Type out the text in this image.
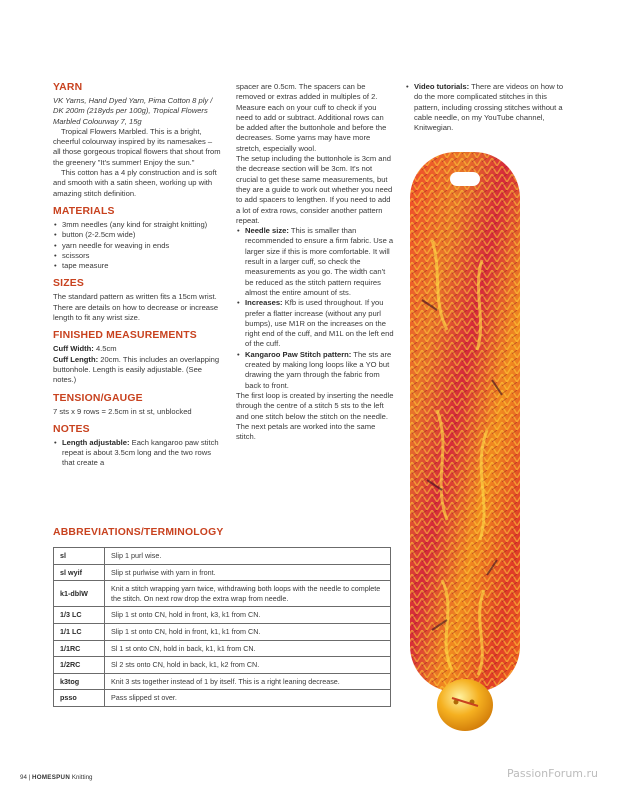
YARN

VK Yarns, Hand Dyed Yarn, Pima Cotton 8 ply / DK 200m (218yds per 100g), Tropical Flowers Marbled Colourway 7, 15g

Tropical Flowers Marbled. This is a bright, cheerful colourway inspired by its namesakes – all those gorgeous tropical flowers that shout from the greenery "It's summer! Enjoy the sun."

This cotton has a 4 ply construction and is soft and smooth with a satin sheen, working up with amazing stitch definition.

MATERIALS
• 3mm needles (any kind for straight knitting)
• button (2-2.5cm wide)
• yarn needle for weaving in ends
• scissors
• tape measure
SIZES

The standard pattern as written fits a 15cm wrist. There are details on how to decrease or increase length to fit any wrist size.

FINISHED MEASUREMENTS

Cuff Width: 4.5cm

Cuff Length: 20cm. This includes an overlapping buttonhole. Length is easily adjustable. (See notes.)

TENSION/GAUGE

7 sts x 9 rows = 2.5cm in st st, unblocked

NOTES
• Length adjustable: Each kangaroo paw stitch repeat is about 3.5cm long and the two rows that create a

spacer are 0.5cm. The spacers can be removed or extras added in multiples of 2. Measure each on your cuff to check if you need to add or subtract. Additional rows can be added after the buttonhole and before the decreases. Some yarns may have more stretch, especially wool.

The setup including the buttonhole is 3cm and the decrease section will be 3cm. It's not crucial to get these same measurements, but they are a guide to work out whether you need to add spacers to lengthen. If you need to add a lot of extra rows, consider another pattern repeat.

• Needle size: This is smaller than recommended to ensure a firm fabric. Use a larger size if this is more comfortable. It will result in a larger cuff, so check the measurements as you go. The width can't be reduced as the stitch pattern requires almost the entire amount of sts.
• Increases: Kfb is used throughout. If you prefer a flatter increase (without any purl bumps), use M1R on the increases on the right end of the cuff, and M1L on the left end of the cuff.
• Kangaroo Paw Stitch pattern: The sts are created by making long loops like a YO but drawing the yarn through the fabric from back to front.

The first loop is created by inserting the needle through the centre of a stitch 5 sts to the left and one stitch below the stitch on the needle. The next petals are worked into the same stitch.

• Video tutorials: There are videos on how to do the more complicated stitches in this pattern, including crossing stitches without a cable needle, on my YouTube channel, Knitwegian.
ABBREVIATIONS/TERMINOLOGY
sl	Slip 1 purl wise.
sl wyif	Slip st purlwise with yarn in front.
k1-dblW	Knit a stitch wrapping yarn twice, withdrawing both loops with the needle to complete the stitch. On next row drop the extra wrap from needle.
1/3 LC	Slip 1 st onto CN, hold in front, k3, k1 from CN.
1/1 LC	Slip 1 st onto CN, hold in front, k1, k1 from CN.
1/1RC	Sl 1 st onto CN, hold in back, k1, k1 from CN.
1/2RC	Sl 2 sts onto CN, hold in back, k1, k2 from CN.
k3tog	Knit 3 sts together instead of 1 by itself. This is a right leaning decrease.
psso	Pass slipped st over.
94 | HOMESPUN Knitting	PassionForum.ru
